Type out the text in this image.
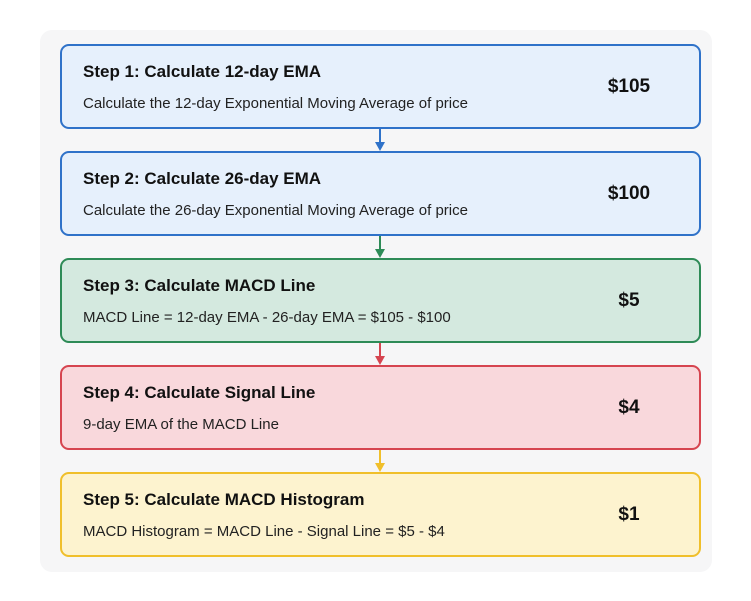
Step 1: Calculate 12-day EMA
Calculate the 12-day Exponential Moving Average of price
$105
Step 2: Calculate 26-day EMA
Calculate the 26-day Exponential Moving Average of price
$100
Step 3: Calculate MACD Line
MACD Line = 12-day EMA - 26-day EMA = $105 - $100
$5
Step 4: Calculate Signal Line
9-day EMA of the MACD Line
$4
Step 5: Calculate MACD Histogram
MACD Histogram = MACD Line - Signal Line = $5 - $4
$1
